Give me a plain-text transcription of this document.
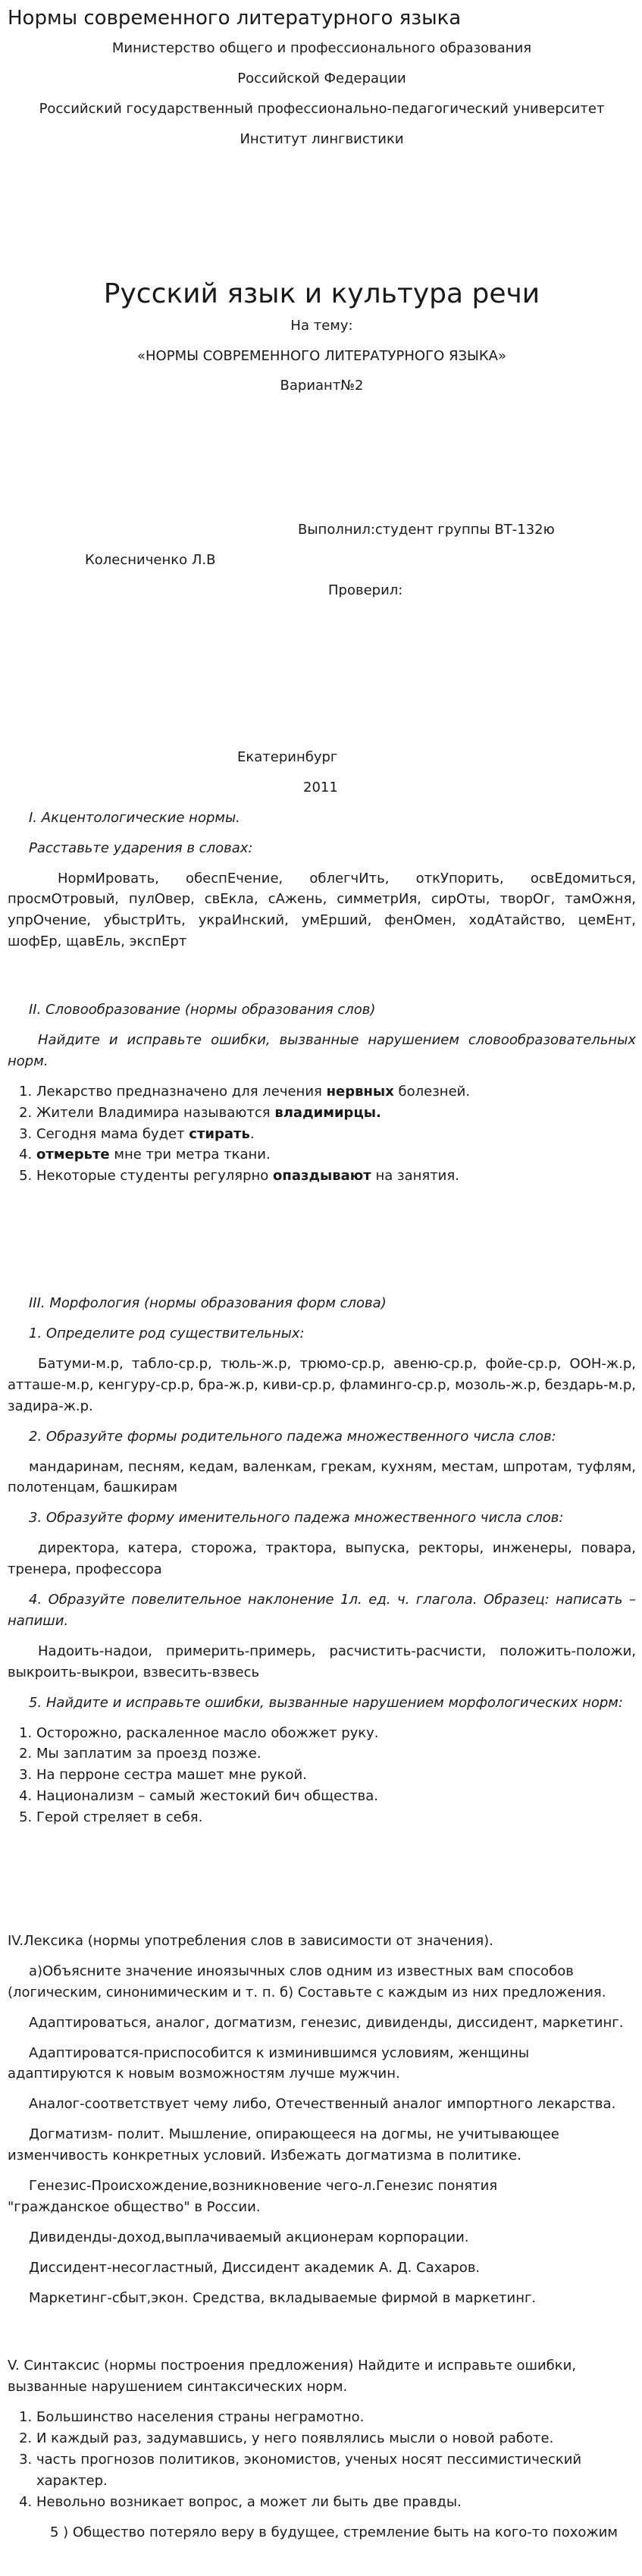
Нормы современного литературного языка

Министерство общего и профессионального образования

Российской Федерации

Российский государственный профессионально-педагогический университет

Институт лингвистики

Русский язык и культура речи

На тему:

«НОРМЫ СОВРЕМЕННОГО ЛИТЕРАТУРНОГО ЯЗЫКА»

Вариант№2

Выполнил:студент группы ВТ-132ю

Колесниченко Л.В

Проверил:

Екатеринбург

2011

I. Акцентологические нормы.

Расставьте ударения в словах:

НормИровать, обеспЕчение, облегчИть, откУпорить, освЕдомиться, просмОтровый, пулОвер, свЕкла, сАжень, симметрИя, сирОты, творОг, тамОжня, упрОчение, убыстрИть, украИнский, умЕрший, фенОмен, ходАтайство, цемЕнт, шофЕр, щавЕль, экспЕрт

II. Словообразование (нормы образования слов)

Найдите и исправьте ошибки, вызванные нарушением словообразовательных норм.

1. Лекарство предназначено для лечения нервных болезней.
2. Жители Владимира называются владимирцы.
3. Сегодня мама будет стирать.
4. отмерьте мне три метра ткани.
5. Некоторые студенты регулярно опаздывают на занятия.

III. Морфология (нормы образования форм слова)

1. Определите род существительных:

Батуми-м.р, табло-ср.р, тюль-ж.р, трюмо-ср.р, авеню-ср.р, фойе-ср.р, ООН-ж.р, атташе-м.р, кенгуру-ср.р, бра-ж.р, киви-ср.р, фламинго-ср.р, мозоль-ж.р, бездарь-м.р, задира-ж.р.

2. Образуйте формы родительного падежа множественного числа слов:

мандаринам, песням, кедам, валенкам, грекам, кухням, местам, шпротам, туфлям, полотенцам, башкирам

3. Образуйте форму именительного падежа множественного числа слов:

директора, катера, сторожа, трактора, выпуска, ректоры, инженеры, повара, тренера, профессора

4. Образуйте повелительное наклонение 1л. ед. ч. глагола. Образец: написать – напиши.

Надоить-надои, примерить-примерь, расчистить-расчисти, положить-положи, выкроить-выкрои, взвесить-взвесь

5. Найдите и исправьте ошибки, вызванные нарушением морфологических норм:

1. Осторожно, раскаленное масло обожжет руку.
2. Мы заплатим за проезд позже.
3. На перроне сестра машет мне рукой.
4. Национализм – самый жестокий бич общества.
5. Герой стреляет в себя.

IV.Лексика (нормы употребления слов в зависимости от значения).

а)Объясните значение иноязычных слов одним из известных вам способов (логическим, синонимическим и т. п. б) Составьте с каждым из них предложения.

Адаптироваться, аналог, догматизм, генезис, дивиденды, диссидент, маркетинг.

Адаптироватся-приспособится к изминившимся условиям, женщины адаптируются к новым возможностям лучше мужчин.

Аналог-соответствует чему либо, Отечественный аналог импортного лекарства.

Догматизм- полит. Мышление, опирающееся на догмы, не учитывающее изменчивость конкретных условий. Избежать догматизма в политике.

Генезис-Происхождение,возникновение чего-л.Генезис понятия

"гражданское общество" в России.

Дивиденды-доход,выплачиваемый акционерам корпорации.

Диссидент-несогластный, Диссидент академик А. Д. Сахаров.

Маркетинг-сбыт,экон. Средства, вкладываемые фирмой в маркетинг.

V. Синтаксис (нормы построения предложения) Найдите и исправьте ошибки, вызванные нарушением синтаксических норм.

1. Большинство населения страны неграмотно.
2. И каждый раз, задумавшись, у него появлялись мысли о новой работе.
3. часть прогнозов политиков, экономистов, ученых носят пессимистический характер.
4. Невольно возникает вопрос, а может ли быть две правды.

5 ) Общество потеряло веру в будущее, стремление быть на кого-то похожим
